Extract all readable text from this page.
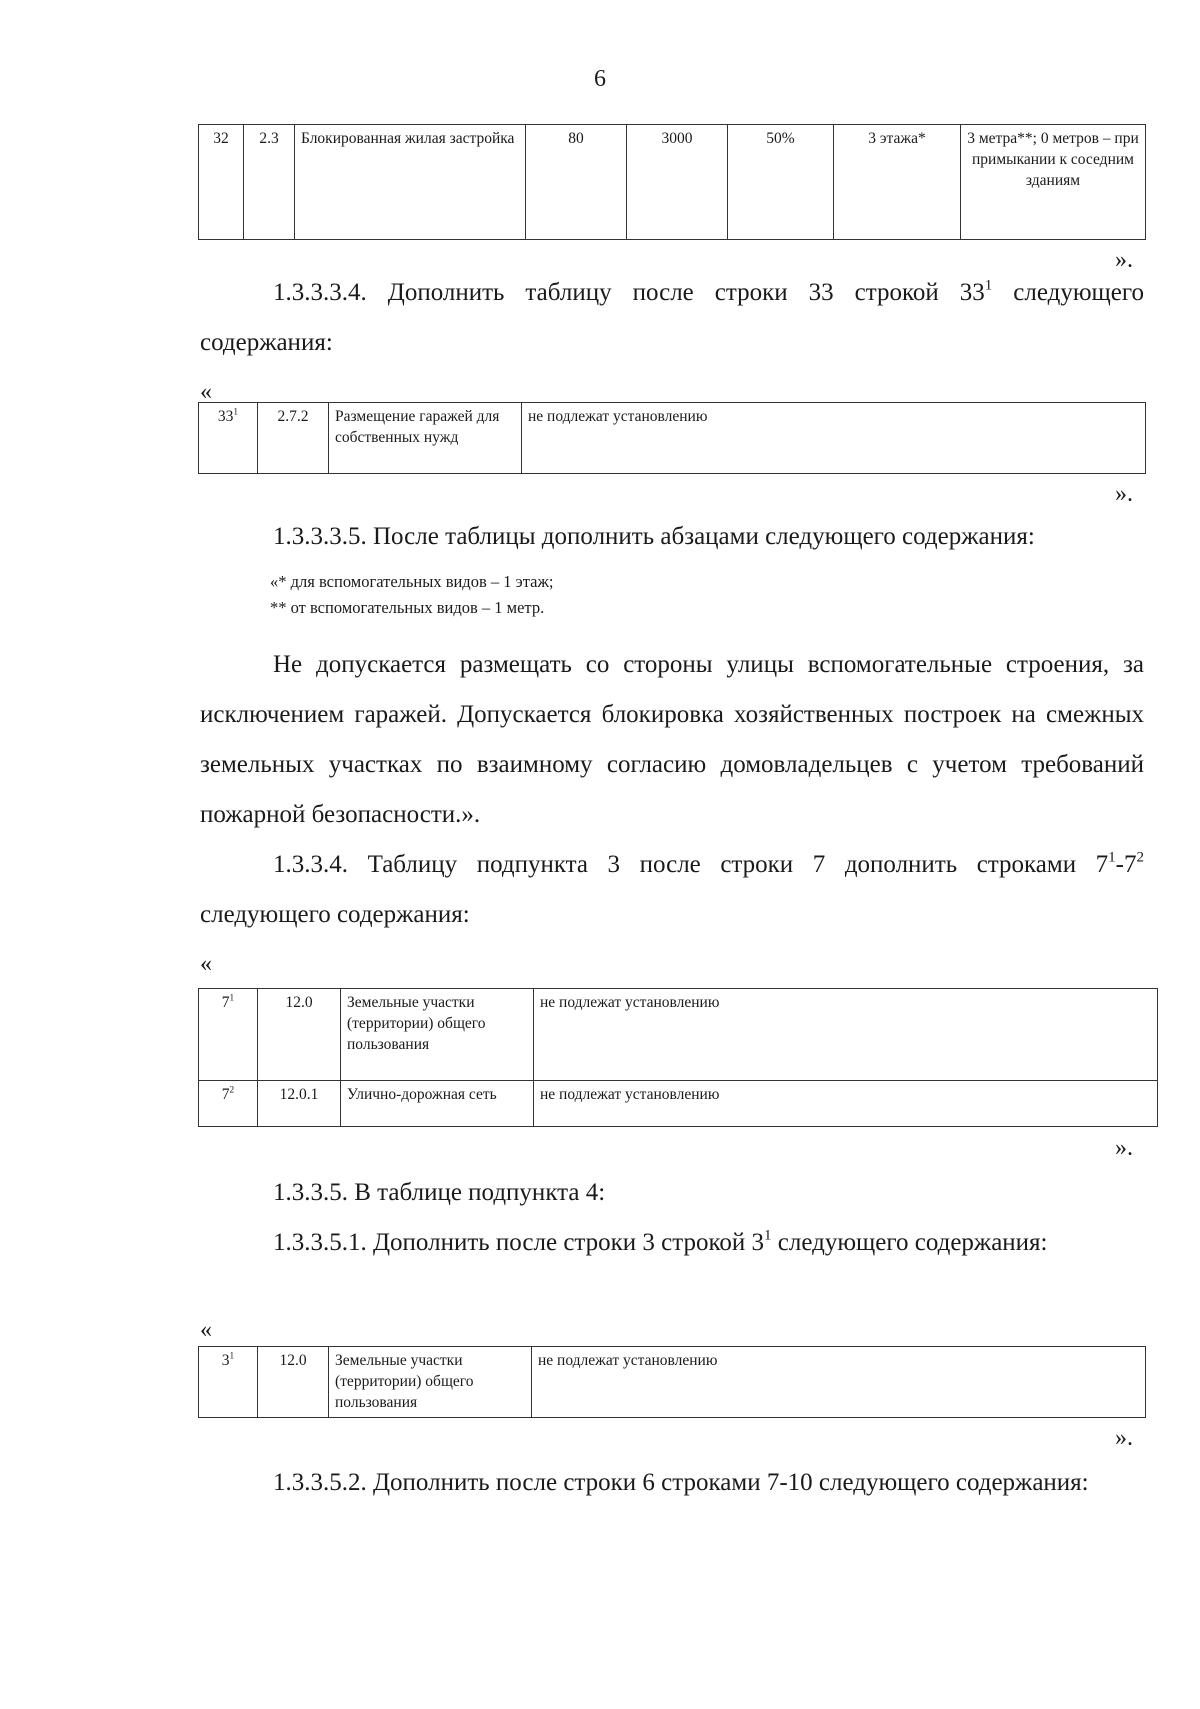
6
32	2.3	Блокированная жилая застройка	80	3000	50%	3 этажа*	3 метра**; 0 метров – при примыкании к соседним зданиям
».
1.3.3.3.4. Дополнить таблицу после строки 33 строкой $33^1$ следующего содержания:
«
$33^1$	2.7.2	Размещение гаражей для собственных нужд	не подлежат установлению
».
1.3.3.3.5. После таблицы дополнить абзацами следующего содержания:
«* для вспомогательных видов – 1 этаж;
** от вспомогательных видов – 1 метр.
Не допускается размещать со стороны улицы вспомогательные строения, за исключением гаражей. Допускается блокировка хозяйственных построек на смежных земельных участках по взаимному согласию домовладельцев с учетом требований пожарной безопасности.».
1.3.3.4. Таблицу подпункта 3 после строки 7 дополнить строками $7^1-7^2$ следующего содержания:
«
$7^1$	12.0	Земельные участки (территории) общего пользования	не подлежат установлению
$7^2$	12.0.1	Улично-дорожная сеть	не подлежат установлению
».
1.3.3.5. В таблице подпункта 4:
1.3.3.5.1. Дополнить после строки 3 строкой $3^1$ следующего содержания:
«
$3^1$	12.0	Земельные участки (территории) общего пользования	не подлежат установлению
».
1.3.3.5.2. Дополнить после строки 6 строками 7-10 следующего содержания:
